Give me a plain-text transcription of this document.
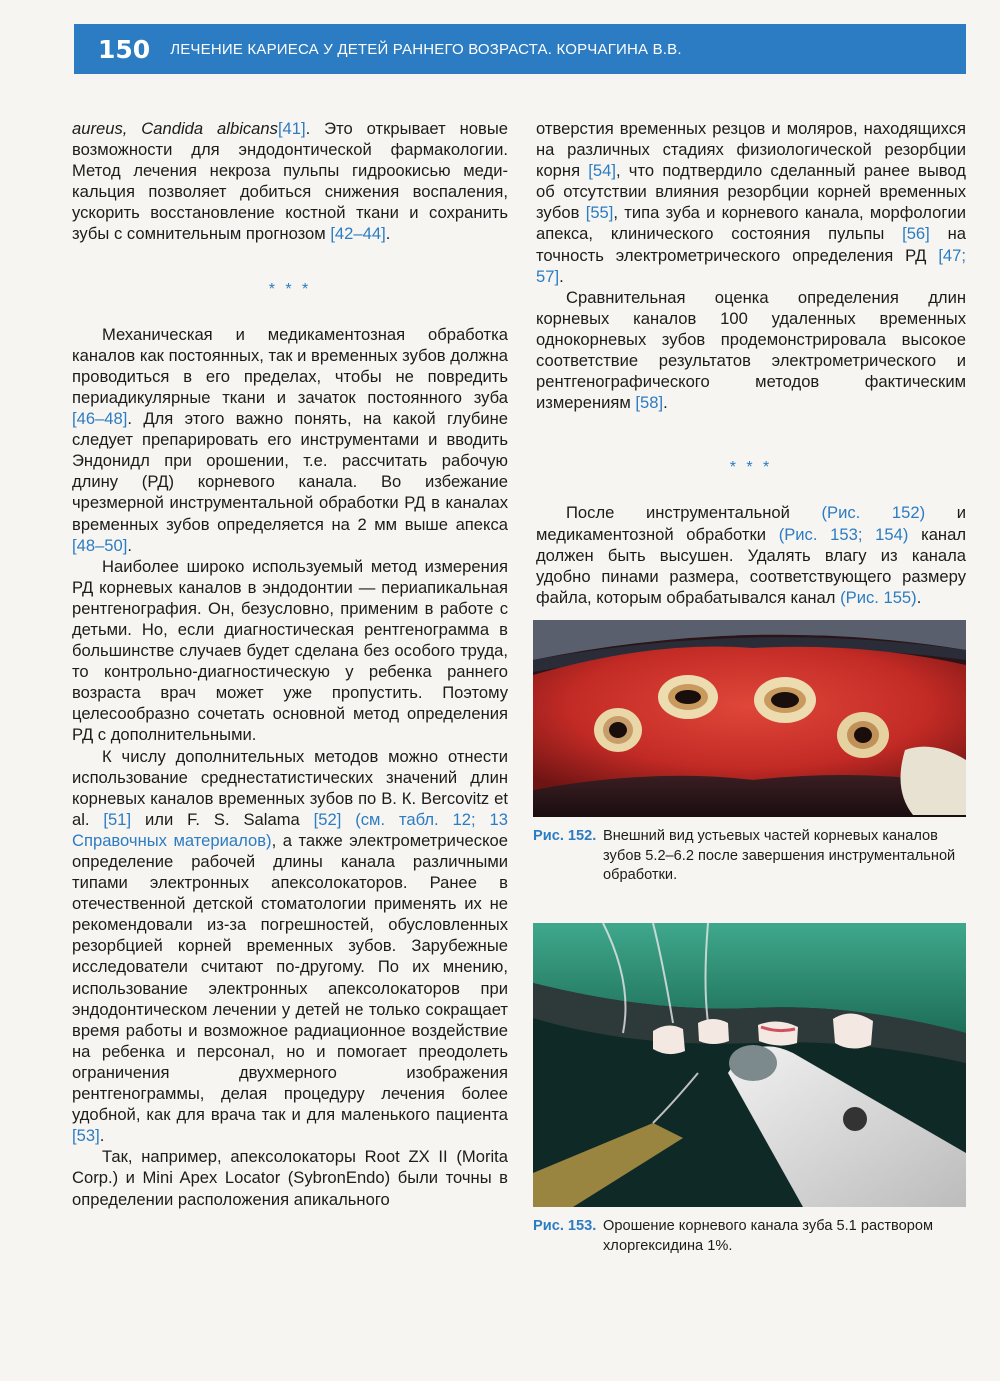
150 ЛЕЧЕНИЕ КАРИЕСА У ДЕТЕЙ РАННЕГО ВОЗРАСТА. КОРЧАГИНА В.В.

aureus, Candida albicans[41]. Это открывает новые возможности для эндодонтической фармакологии. Метод лечения некроза пульпы гидроокисью меди-кальция позволяет добиться снижения воспаления, ускорить восстановление костной ткани и сохранить зубы с сомнительным прогнозом [42–44].

* * *

Механическая и медикаментозная обработка каналов как постоянных, так и временных зубов должна проводиться в его пределах, чтобы не повредить периадикулярные ткани и зачаток постоянного зуба [46–48]. Для этого важно понять, на какой глубине следует препарировать его инструментами и вводить Эндонидл при орошении, т.е. рассчитать рабочую длину (РД) корневого канала. Во избежание чрезмерной инструментальной обработки РД в каналах временных зубов определяется на 2 мм выше апекса [48–50].

Наиболее широко используемый метод измерения РД корневых каналов в эндодонтии — периапикальная рентгенография. Он, безусловно, применим в работе с детьми. Но, если диагностическая рентгенограмма в большинстве случаев будет сделана без особого труда, то контрольно-диагностическую у ребенка раннего возраста врач может уже пропустить. Поэтому целесообразно сочетать основной метод определения РД с дополнительными.

К числу дополнительных методов можно отнести использование среднестатистических значений длин корневых каналов временных зубов по В. К. Bercovitz et al. [51] или F. S. Salama [52] (см. табл. 12; 13 Справочных материалов), а также электрометрическое определение рабочей длины канала различными типами электронных апексолокаторов. Ранее в отечественной детской стоматологии применять их не рекомендовали из-за погрешностей, обусловленных резорбцией корней временных зубов. Зарубежные исследователи считают по-другому. По их мнению, использование электронных апексолокаторов при эндодонтическом лечении у детей не только сокращает время работы и возможное радиационное воздействие на ребенка и персонал, но и помогает преодолеть ограничения двухмерного изображения рентгенограммы, делая процедуру лечения более удобной, как для врача так и для маленького пациента [53].

Так, например, апексолокаторы Root ZX II (Morita Corp.) и Mini Apex Locator (SybronEndo) были точны в определении расположения апикального

отверстия временных резцов и моляров, находящихся на различных стадиях физиологической резорбции корня [54], что подтвердило сделанный ранее вывод об отсутствии влияния резорбции корней временных зубов [55], типа зуба и корневого канала, морфологии апекса, клинического состояния пульпы [56] на точность электрометрического определения РД [47; 57].

Сравнительная оценка определения длин корневых каналов 100 удаленных временных однокорневых зубов продемонстрировала высокое соответствие результатов электрометрического и рентгенографического методов фактическим измерениям [58].

* * *

После инструментальной (Рис. 152) и медикаментозной обработки (Рис. 153; 154) канал должен быть высушен. Удалять влагу из канала удобно пинами размера, соответствующего размеру файла, которым обрабатывался канал (Рис. 155).

Рис. 152. Внешний вид устьевых частей корневых каналов зубов 5.2–6.2 после завершения инструментальной обработки.
Рис. 153. Орошение корневого канала зуба 5.1 раствором хлоргексидина 1%.
